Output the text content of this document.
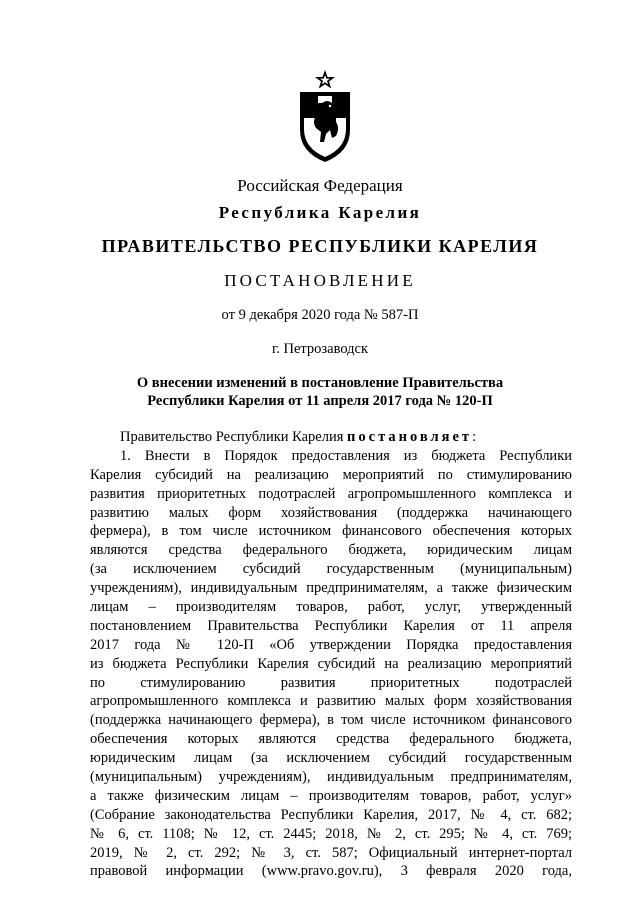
Российская Федерация
Республика Карелия
ПРАВИТЕЛЬСТВО РЕСПУБЛИКИ КАРЕЛИЯ
ПОСТАНОВЛЕНИЕ
от 9 декабря 2020 года № 587-П
г. Петрозаводск
О внесении изменений в постановление Правительства
Республики Карелия от 11 апреля 2017 года № 120-П
Правительство Республики Карелия постановляет:
1. Внести в Порядок предоставления из бюджета Республики
Карелия субсидий на реализацию мероприятий по стимулированию
развития приоритетных подотраслей агропромышленного комплекса и
развитию малых форм хозяйствования (поддержка начинающего
фермера), в том числе источником финансового обеспечения которых
являются средства федерального бюджета, юридическим лицам
(за исключением субсидий государственным (муниципальным)
учреждениям), индивидуальным предпринимателям, а также физическим
лицам – производителям товаров, работ, услуг, утвержденный
постановлением Правительства Республики Карелия от 11 апреля
2017 года № 120-П «Об утверждении Порядка предоставления
из бюджета Республики Карелия субсидий на реализацию мероприятий
по стимулированию развития приоритетных подотраслей
агропромышленного комплекса и развитию малых форм хозяйствования
(поддержка начинающего фермера), в том числе источником финансового
обеспечения которых являются средства федерального бюджета,
юридическим лицам (за исключением субсидий государственным
(муниципальным) учреждениям), индивидуальным предпринимателям,
а также физическим лицам – производителям товаров, работ, услуг»
(Собрание законодательства Республики Карелия, 2017, № 4, ст. 682;
№ 6, ст. 1108; № 12, ст. 2445; 2018, № 2, ст. 295; № 4, ст. 769;
2019, № 2, ст. 292; № 3, ст. 587; Официальный интернет-портал
правовой информации (www.pravo.gov.ru), 3 февраля 2020 года,
